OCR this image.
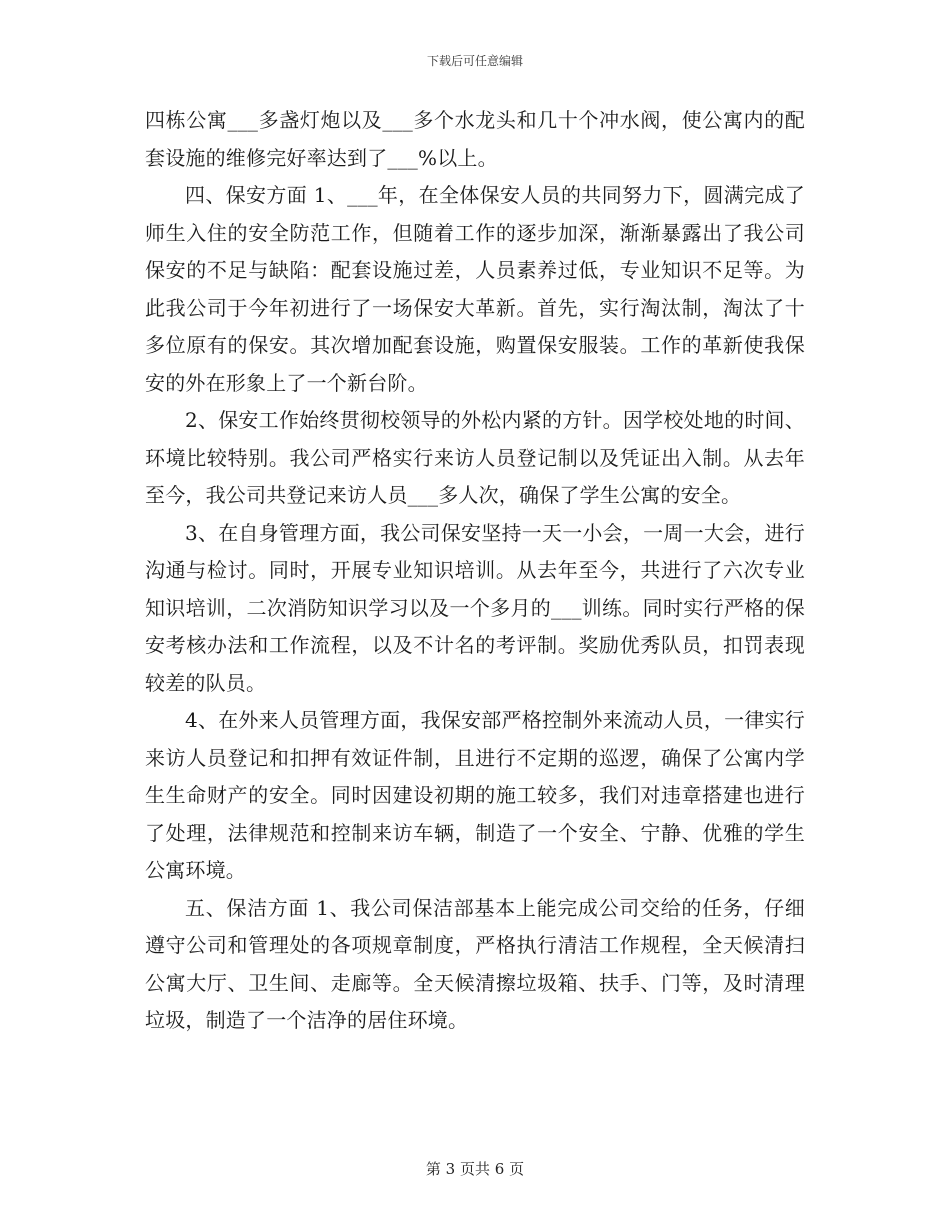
下载后可任意编辑

四栋公寓___多盏灯炮以及___多个水龙头和几十个冲水阀，使公寓内的配套设施的维修完好率达到了___%以上。

四、保安方面 1、___年，在全体保安人员的共同努力下，圆满完成了师生入住的安全防范工作，但随着工作的逐步加深，渐渐暴露出了我公司保安的不足与缺陷：配套设施过差，人员素养过低，专业知识不足等。为此我公司于今年初进行了一场保安大革新。首先，实行淘汰制，淘汰了十多位原有的保安。其次增加配套设施，购置保安服装。工作的革新使我保安的外在形象上了一个新台阶。

2、保安工作始终贯彻校领导的外松内紧的方针。因学校处地的时间、环境比较特别。我公司严格实行来访人员登记制以及凭证出入制。从去年至今，我公司共登记来访人员___多人次，确保了学生公寓的安全。

3、在自身管理方面，我公司保安坚持一天一小会，一周一大会，进行沟通与检讨。同时，开展专业知识培训。从去年至今，共进行了六次专业知识培训，二次消防知识学习以及一个多月的___训练。同时实行严格的保安考核办法和工作流程，以及不计名的考评制。奖励优秀队员，扣罚表现较差的队员。

4、在外来人员管理方面，我保安部严格控制外来流动人员，一律实行来访人员登记和扣押有效证件制，且进行不定期的巡逻，确保了公寓内学生生命财产的安全。同时因建设初期的施工较多，我们对违章搭建也进行了处理，法律规范和控制来访车辆，制造了一个安全、宁静、优雅的学生公寓环境。

五、保洁方面 1、我公司保洁部基本上能完成公司交给的任务，仔细遵守公司和管理处的各项规章制度，严格执行清洁工作规程，全天候清扫公寓大厅、卫生间、走廊等。全天候清擦垃圾箱、扶手、门等，及时清理垃圾，制造了一个洁净的居住环境。

第 3 页共 6 页
